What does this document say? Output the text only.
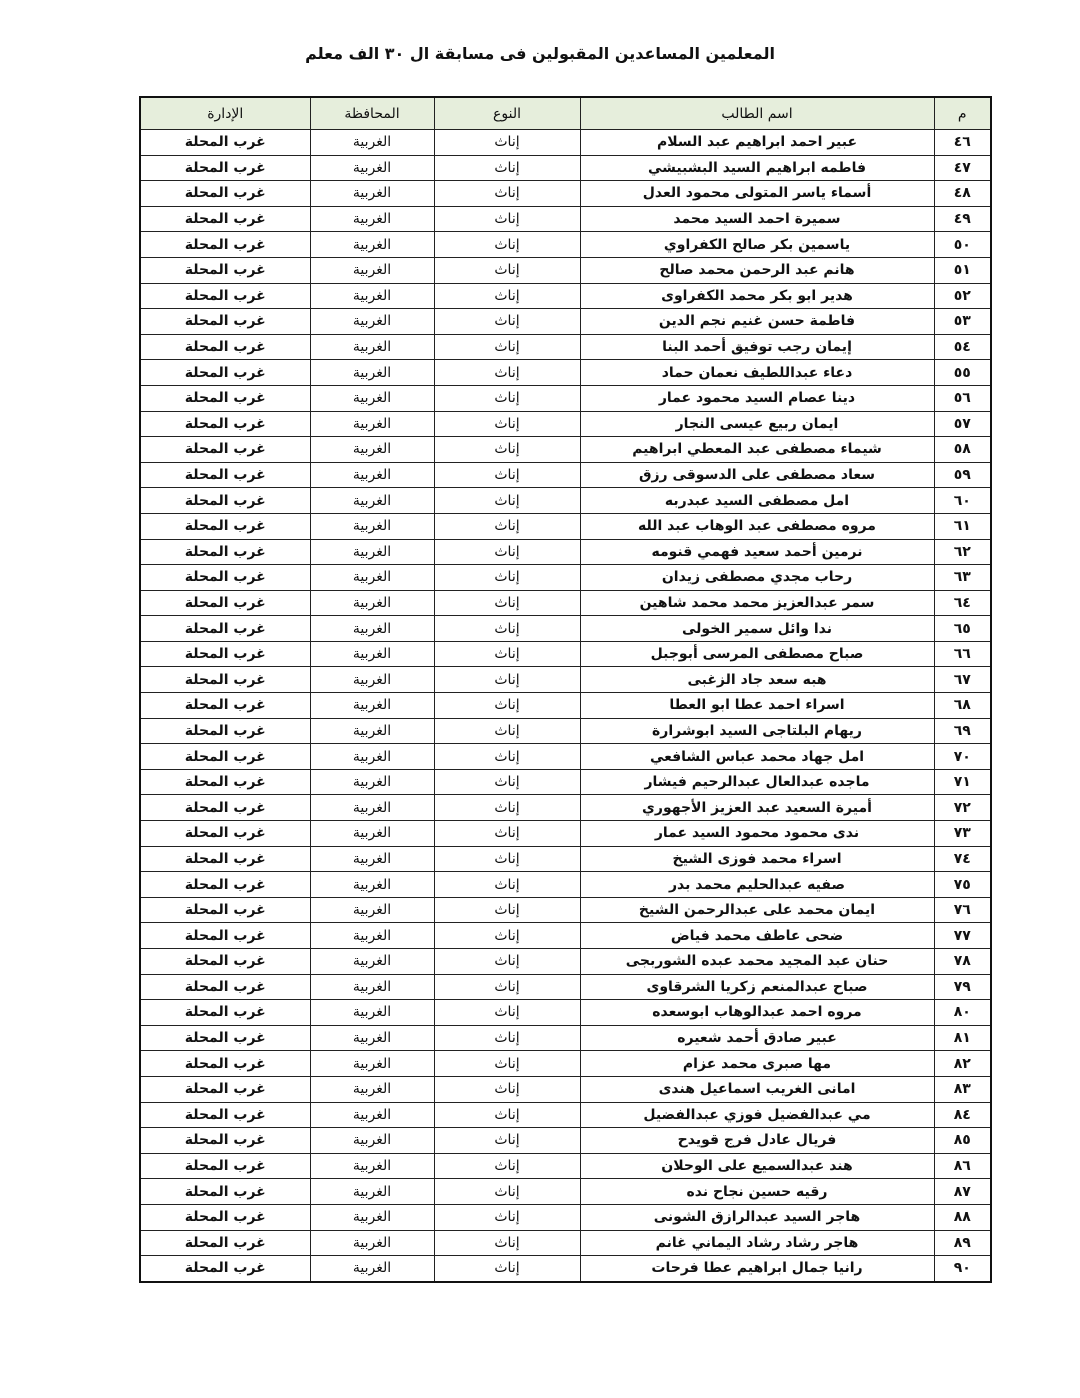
المعلمين المساعدين المقبولين فى مسابقة ال ٣٠ الف معلم
م	اسم الطالب	النوع	المحافظة	الإدارة
٤٦	عبير احمد ابراهيم عبد السلام	إناث	الغربية	غرب المحلة
٤٧	فاطمه ابراهيم السيد البشبيشي	إناث	الغربية	غرب المحلة
٤٨	أسماء ياسر المتولى محمود العدل	إناث	الغربية	غرب المحلة
٤٩	سميرة احمد السيد محمد	إناث	الغربية	غرب المحلة
٥٠	ياسمين بكر صالح الكفراوي	إناث	الغربية	غرب المحلة
٥١	هانم عبد الرحمن محمد صالح	إناث	الغربية	غرب المحلة
٥٢	هدير ابو بكر محمد الكفراوى	إناث	الغربية	غرب المحلة
٥٣	فاطمة حسن غنيم نجم الدين	إناث	الغربية	غرب المحلة
٥٤	إيمان رجب توفيق أحمد البنا	إناث	الغربية	غرب المحلة
٥٥	دعاء عبداللطيف نعمان حماد	إناث	الغربية	غرب المحلة
٥٦	دينا عصام السيد محمود عمار	إناث	الغربية	غرب المحلة
٥٧	ايمان ربيع عيسى النجار	إناث	الغربية	غرب المحلة
٥٨	شيماء مصطفى عبد المعطي ابراهيم	إناث	الغربية	غرب المحلة
٥٩	سعاد مصطفى على الدسوقى رزق	إناث	الغربية	غرب المحلة
٦٠	امل مصطفى السيد عبدربه	إناث	الغربية	غرب المحلة
٦١	مروه مصطفى عبد الوهاب عبد الله	إناث	الغربية	غرب المحلة
٦٢	نرمين أحمد سعيد فهمي قنومه	إناث	الغربية	غرب المحلة
٦٣	رحاب مجدي مصطفى زيدان	إناث	الغربية	غرب المحلة
٦٤	سمر عبدالعزيز محمد محمد شاهين	إناث	الغربية	غرب المحلة
٦٥	ندا وائل سمير الخولى	إناث	الغربية	غرب المحلة
٦٦	صباح مصطفى المرسى أبوجبل	إناث	الغربية	غرب المحلة
٦٧	هبه سعد جاد الزغبى	إناث	الغربية	غرب المحلة
٦٨	اسراء احمد عطا ابو العطا	إناث	الغربية	غرب المحلة
٦٩	ريهام البلتاجى السيد ابوشرارة	إناث	الغربية	غرب المحلة
٧٠	امل جهاد محمد عباس الشافعي	إناث	الغربية	غرب المحلة
٧١	ماجده عبدالعال عبدالرحيم فيشار	إناث	الغربية	غرب المحلة
٧٢	أميرة السعيد عبد العزيز الأجهوري	إناث	الغربية	غرب المحلة
٧٣	ندى محمود محمود السيد عمار	إناث	الغربية	غرب المحلة
٧٤	اسراء محمد فوزى الشيخ	إناث	الغربية	غرب المحلة
٧٥	صفيه عبدالحليم محمد بدر	إناث	الغربية	غرب المحلة
٧٦	ايمان محمد على عبدالرحمن الشيخ	إناث	الغربية	غرب المحلة
٧٧	ضحى عاطف محمد فياض	إناث	الغربية	غرب المحلة
٧٨	حنان عبد المجيد محمد عبده الشوربجى	إناث	الغربية	غرب المحلة
٧٩	صباح عبدالمنعم زكريا الشرقاوى	إناث	الغربية	غرب المحلة
٨٠	مروه احمد عبدالوهاب ابوسعده	إناث	الغربية	غرب المحلة
٨١	عبير صادق أحمد شعيره	إناث	الغربية	غرب المحلة
٨٢	مها صبرى محمد عزام	إناث	الغربية	غرب المحلة
٨٣	امانى الغريب اسماعيل هندى	إناث	الغربية	غرب المحلة
٨٤	مي عبدالفضيل فوزي عبدالفضيل	إناث	الغربية	غرب المحلة
٨٥	فريال عادل فرج قويدح	إناث	الغربية	غرب المحلة
٨٦	هند عبدالسميع على الوحلان	إناث	الغربية	غرب المحلة
٨٧	رقيه حسين نجاح نده	إناث	الغربية	غرب المحلة
٨٨	هاجر السيد عبدالرازق الشونى	إناث	الغربية	غرب المحلة
٨٩	هاجر رشاد رشاد اليماني غانم	إناث	الغربية	غرب المحلة
٩٠	رانيا جمال ابراهيم عطا فرحات	إناث	الغربية	غرب المحلة
